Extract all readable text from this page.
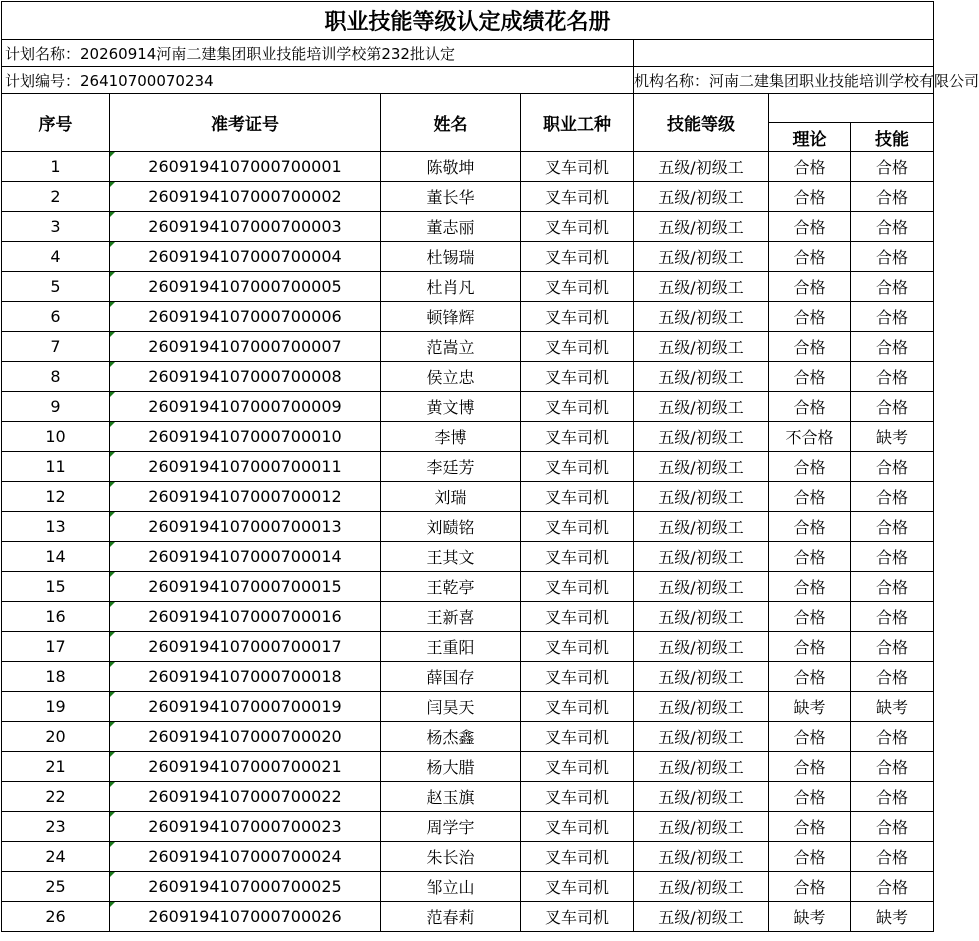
职业技能等级认定成绩花名册						
计划名称：20260914河南二建集团职业技能培训学校第232批认定						
计划编号：26410700070234				机构名称：河南二建集团职业技能培训学校有限公司		
序号	准考证号	姓名	职业工种	技能等级		
					理论	技能
1	2609194107000700001	陈敬坤	叉车司机	五级/初级工	合格	合格
2	2609194107000700002	董长华	叉车司机	五级/初级工	合格	合格
3	2609194107000700003	董志丽	叉车司机	五级/初级工	合格	合格
4	2609194107000700004	杜锡瑞	叉车司机	五级/初级工	合格	合格
5	2609194107000700005	杜肖凡	叉车司机	五级/初级工	合格	合格
6	2609194107000700006	顿锋辉	叉车司机	五级/初级工	合格	合格
7	2609194107000700007	范嵩立	叉车司机	五级/初级工	合格	合格
8	2609194107000700008	侯立忠	叉车司机	五级/初级工	合格	合格
9	2609194107000700009	黄文博	叉车司机	五级/初级工	合格	合格
10	2609194107000700010	李博	叉车司机	五级/初级工	不合格	缺考
11	2609194107000700011	李廷芳	叉车司机	五级/初级工	合格	合格
12	2609194107000700012	刘瑞	叉车司机	五级/初级工	合格	合格
13	2609194107000700013	刘赜铭	叉车司机	五级/初级工	合格	合格
14	2609194107000700014	王其文	叉车司机	五级/初级工	合格	合格
15	2609194107000700015	王乾亭	叉车司机	五级/初级工	合格	合格
16	2609194107000700016	王新喜	叉车司机	五级/初级工	合格	合格
17	2609194107000700017	王重阳	叉车司机	五级/初级工	合格	合格
18	2609194107000700018	薛国存	叉车司机	五级/初级工	合格	合格
19	2609194107000700019	闫昊天	叉车司机	五级/初级工	缺考	缺考
20	2609194107000700020	杨杰鑫	叉车司机	五级/初级工	合格	合格
21	2609194107000700021	杨大腊	叉车司机	五级/初级工	合格	合格
22	2609194107000700022	赵玉旗	叉车司机	五级/初级工	合格	合格
23	2609194107000700023	周学宇	叉车司机	五级/初级工	合格	合格
24	2609194107000700024	朱长治	叉车司机	五级/初级工	合格	合格
25	2609194107000700025	邹立山	叉车司机	五级/初级工	合格	合格
26	2609194107000700026	范春莉	叉车司机	五级/初级工	缺考	缺考
